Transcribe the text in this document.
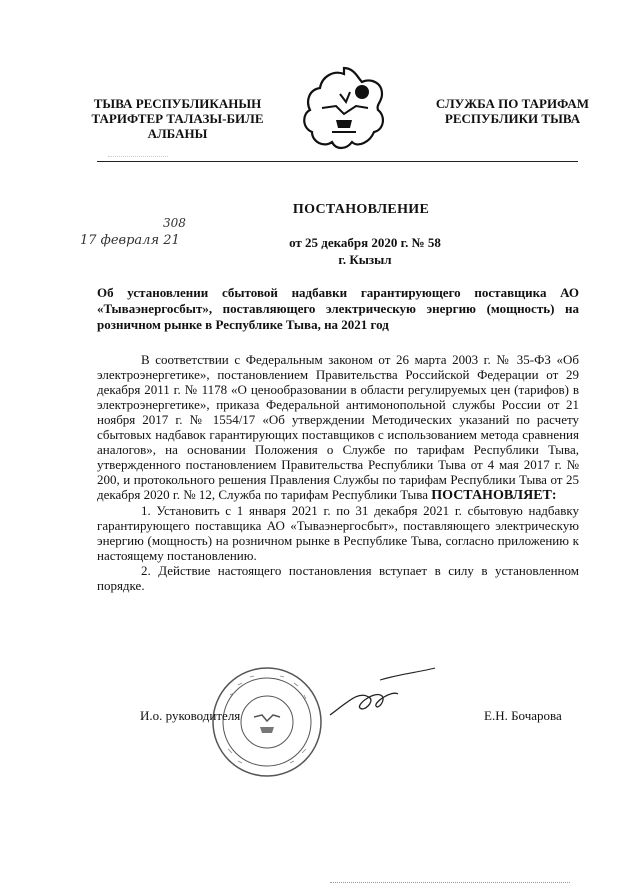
ТЫВА РЕСПУБЛИКАНЫН
ТАРИФТЕР ТАЛАЗЫ-БИЛЕ
АЛБАНЫ
СЛУЖБА ПО ТАРИФАМ
РЕСПУБЛИКИ ТЫВА
ПОСТАНОВЛЕНИЕ
308
17 февраля 21	от 25 декабря 2020 г. № 58
г. Кызыл
Об установлении сбытовой надбавки гарантирующего поставщика АО «Тываэнергосбыт», поставляющего электрическую энергию (мощность) на розничном рынке в Республике Тыва, на 2021 год

В соответствии с Федеральным законом от 26 марта 2003 г. № 35-ФЗ «Об электроэнергетике», постановлением Правительства Российской Федерации от 29 декабря 2011 г. № 1178 «О ценообразовании в области регулируемых цен (тарифов) в электроэнергетике», приказа Федеральной антимонопольной службы России от 21 ноября 2017 г. № 1554/17 «Об утверждении Методических указаний по расчету сбытовых надбавок гарантирующих поставщиков с использованием метода сравнения аналогов», на основании Положения о Службе по тарифам Республики Тыва, утвержденного постановлением Правительства Республики Тыва от 4 мая 2017 г. № 200, и протокольного решения Правления Службы по тарифам Республики Тыва от 25 декабря 2020 г. № 12, Служба по тарифам Республики Тыва ПОСТАНОВЛЯЕТ:

1. Установить с 1 января 2021 г. по 31 декабря 2021 г. сбытовую надбавку гарантирующего поставщика АО «Тываэнергосбыт», поставляющего электрическую энергию (мощность) на розничном рынке в Республике Тыва, согласно приложению к настоящему постановлению.

2. Действие настоящего постановления вступает в силу в установленном порядке.

И.о. руководителя	Е.Н. Бочарова
